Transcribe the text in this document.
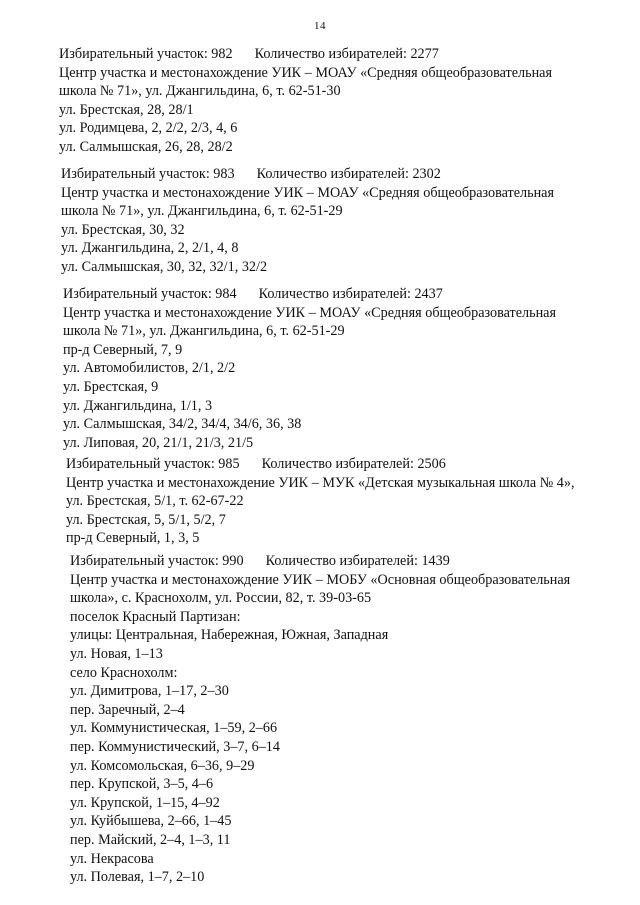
14
Избирательный участок: 982 Количество избирателей: 2277
Центр участка и местонахождение УИК – МОАУ «Средняя общеобразовательная
школа № 71», ул. Джангильдина, 6, т. 62-51-30
ул. Брестская, 28, 28/1
ул. Родимцева, 2, 2/2, 2/3, 4, 6
ул. Салмышская, 26, 28, 28/2
Избирательный участок: 983 Количество избирателей: 2302
Центр участка и местонахождение УИК – МОАУ «Средняя общеобразовательная
школа № 71», ул. Джангильдина, 6, т. 62-51-29
ул. Брестская, 30, 32
ул. Джангильдина, 2, 2/1, 4, 8
ул. Салмышская, 30, 32, 32/1, 32/2
Избирательный участок: 984 Количество избирателей: 2437
Центр участка и местонахождение УИК – МОАУ «Средняя общеобразовательная
школа № 71», ул. Джангильдина, 6, т. 62-51-29
пр-д Северный, 7, 9
ул. Автомобилистов, 2/1, 2/2
ул. Брестская, 9
ул. Джангильдина, 1/1, 3
ул. Салмышская, 34/2, 34/4, 34/6, 36, 38
ул. Липовая, 20, 21/1, 21/3, 21/5
Избирательный участок: 985 Количество избирателей: 2506
Центр участка и местонахождение УИК – МУК «Детская музыкальная школа № 4»,
ул. Брестская, 5/1, т. 62-67-22
ул. Брестская, 5, 5/1, 5/2, 7
пр-д Северный, 1, 3, 5
Избирательный участок: 990 Количество избирателей: 1439
Центр участка и местонахождение УИК – МОБУ «Основная общеобразовательная
школа», с. Краснохолм, ул. России, 82, т. 39-03-65
поселок Красный Партизан:
улицы: Центральная, Набережная, Южная, Западная
ул. Новая, 1–13
село Краснохолм:
ул. Димитрова, 1–17, 2–30
пер. Заречный, 2–4
ул. Коммунистическая, 1–59, 2–66
пер. Коммунистический, 3–7, 6–14
ул. Комсомольская, 6–36, 9–29
пер. Крупской, 3–5, 4–6
ул. Крупской, 1–15, 4–92
ул. Куйбышева, 2–66, 1–45
пер. Майский, 2–4, 1–3, 11
ул. Некрасова
ул. Полевая, 1–7, 2–10
